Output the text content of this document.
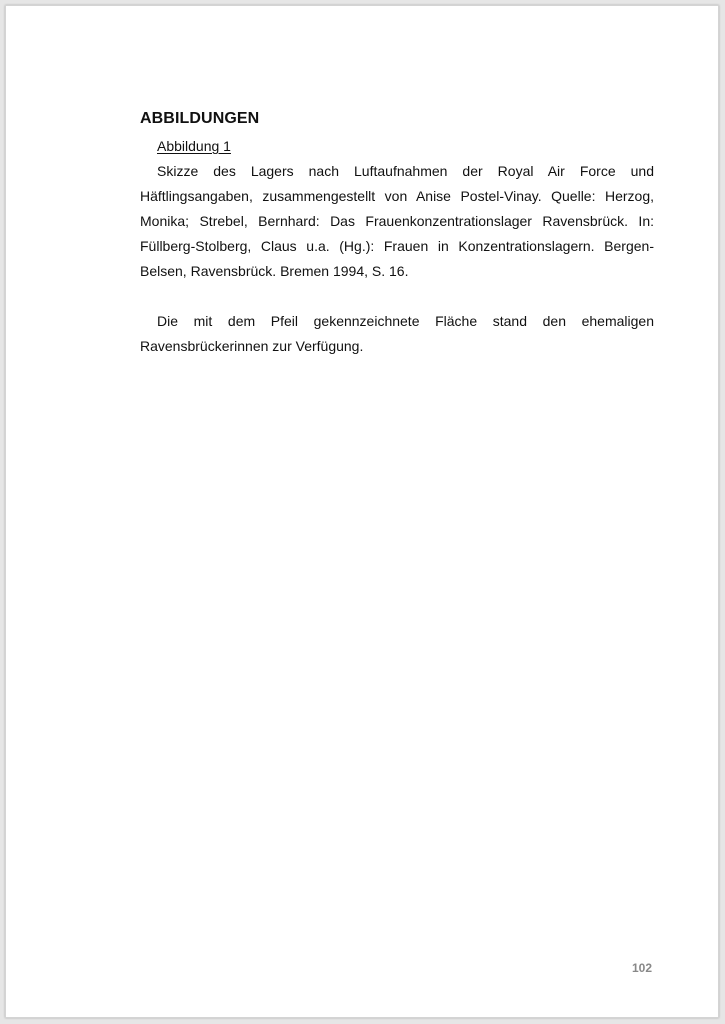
ABBILDUNGEN
Abbildung 1

Skizze des Lagers nach Luftaufnahmen der Royal Air Force und Häftlingsangaben, zusammengestellt von Anise Postel-Vinay. Quelle: Herzog, Monika; Strebel, Bernhard: Das Frauenkonzentrationslager Ravensbrück. In: Füllberg-Stolberg, Claus u.a. (Hg.): Frauen in Konzentrationslagern. Bergen-Belsen, Ravensbrück. Bremen 1994, S. 16.

Die mit dem Pfeil gekennzeichnete Fläche stand den ehemaligen Ravensbrückerinnen zur Verfügung.

102
